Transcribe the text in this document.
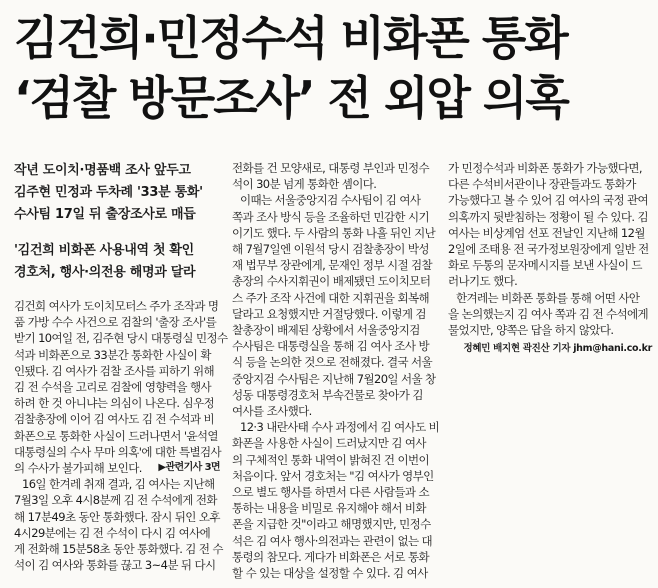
김건희·민정수석 비화폰 통화
‘검찰 방문조사’ 전 외압 의혹
작년 도이치·명품백 조사 앞두고
김주현 민정과 두차례 '33분 통화'
수사팀 17일 뒤 출장조사로 매듭
'김건희 비화폰 사용내역 첫 확인
경호처, 행사·의전용 해명과 달라
김건희 여사가 도이치모터스 주가 조작과 명
품 가방 수수 사건으로 검찰의 '출장 조사'를
받기 10여일 전, 김주현 당시 대통령실 민정수
석과 비화폰으로 33분간 통화한 사실이 확
인됐다. 김 여사가 검찰 조사를 피하기 위해
김 전 수석을 고리로 검찰에 영향력을 행사
하려 한 것 아니냐는 의심이 나온다. 심우정
검찰총장에 이어 김 여사도 김 전 수석과 비
화폰으로 통화한 사실이 드러나면서 '윤석열
대통령실의 수사 무마 의혹'에 대한 특별검사
의 수사가 불가피해 보인다. ▶관련기사 3면
16일 한겨레 취재 결과, 김 여사는 지난해
7월3일 오후 4시8분께 김 전 수석에게 전화
해 17분49초 동안 통화했다. 잠시 뒤인 오후
4시29분에는 김 전 수석이 다시 김 여사에
게 전화해 15분58초 동안 통화했다. 김 전 수
석이 김 여사와 통화를 끊고 3~4분 뒤 다시
전화를 건 모양새로, 대통령 부인과 민정수
석이 30분 넘게 통화한 셈이다.
이때는 서울중앙지검 수사팀이 김 여사
쪽과 조사 방식 등을 조율하던 민감한 시기
이기도 했다. 두 사람의 통화 나흘 뒤인 지난
해 7월7일엔 이원석 당시 검찰총장이 박성
재 법무부 장관에게, 문재인 정부 시절 검찰
총장의 수사지휘권이 배제됐던 도이치모터
스 주가 조작 사건에 대한 지휘권을 회복해
달라고 요청했지만 거절당했다. 이렇게 검
찰총장이 배제된 상황에서 서울중앙지검
수사팀은 대통령실을 통해 김 여사 조사 방
식 등을 논의한 것으로 전해졌다. 결국 서울
중앙지검 수사팀은 지난해 7월20일 서울 창
성동 대통령경호처 부속건물로 찾아가 김
여사를 조사했다.
12·3 내란사태 수사 과정에서 김 여사도 비
화폰을 사용한 사실이 드러났지만 김 여사
의 구체적인 통화 내역이 밝혀진 건 이번이
처음이다. 앞서 경호처는 "김 여사가 영부인
으로 별도 행사를 하면서 다른 사람들과 소
통하는 내용을 비밀로 유지해야 해서 비화
폰을 지급한 것"이라고 해명했지만, 민정수
석은 김 여사 행사·의전과는 관련이 없는 대
통령의 참모다. 게다가 비화폰은 서로 통화
할 수 있는 대상을 설정할 수 있다. 김 여사
가 민정수석과 비화폰 통화가 가능했다면,
다른 수석비서관이나 장관들과도 통화가
가능했다고 볼 수 있어 김 여사의 국정 관여
의혹까지 뒷받침하는 정황이 될 수 있다. 김
여사는 비상계엄 선포 전날인 지난해 12월
2일에 조태용 전 국가정보원장에게 일반 전
화로 두통의 문자메시지를 보낸 사실이 드
러나기도 했다.
한겨레는 비화폰 통화를 통해 어떤 사안
을 논의했는지 김 여사 쪽과 김 전 수석에게
물었지만, 양쪽은 답을 하지 않았다.
정혜민 배지현 곽진산 기자 jhm@hani.co.kr
